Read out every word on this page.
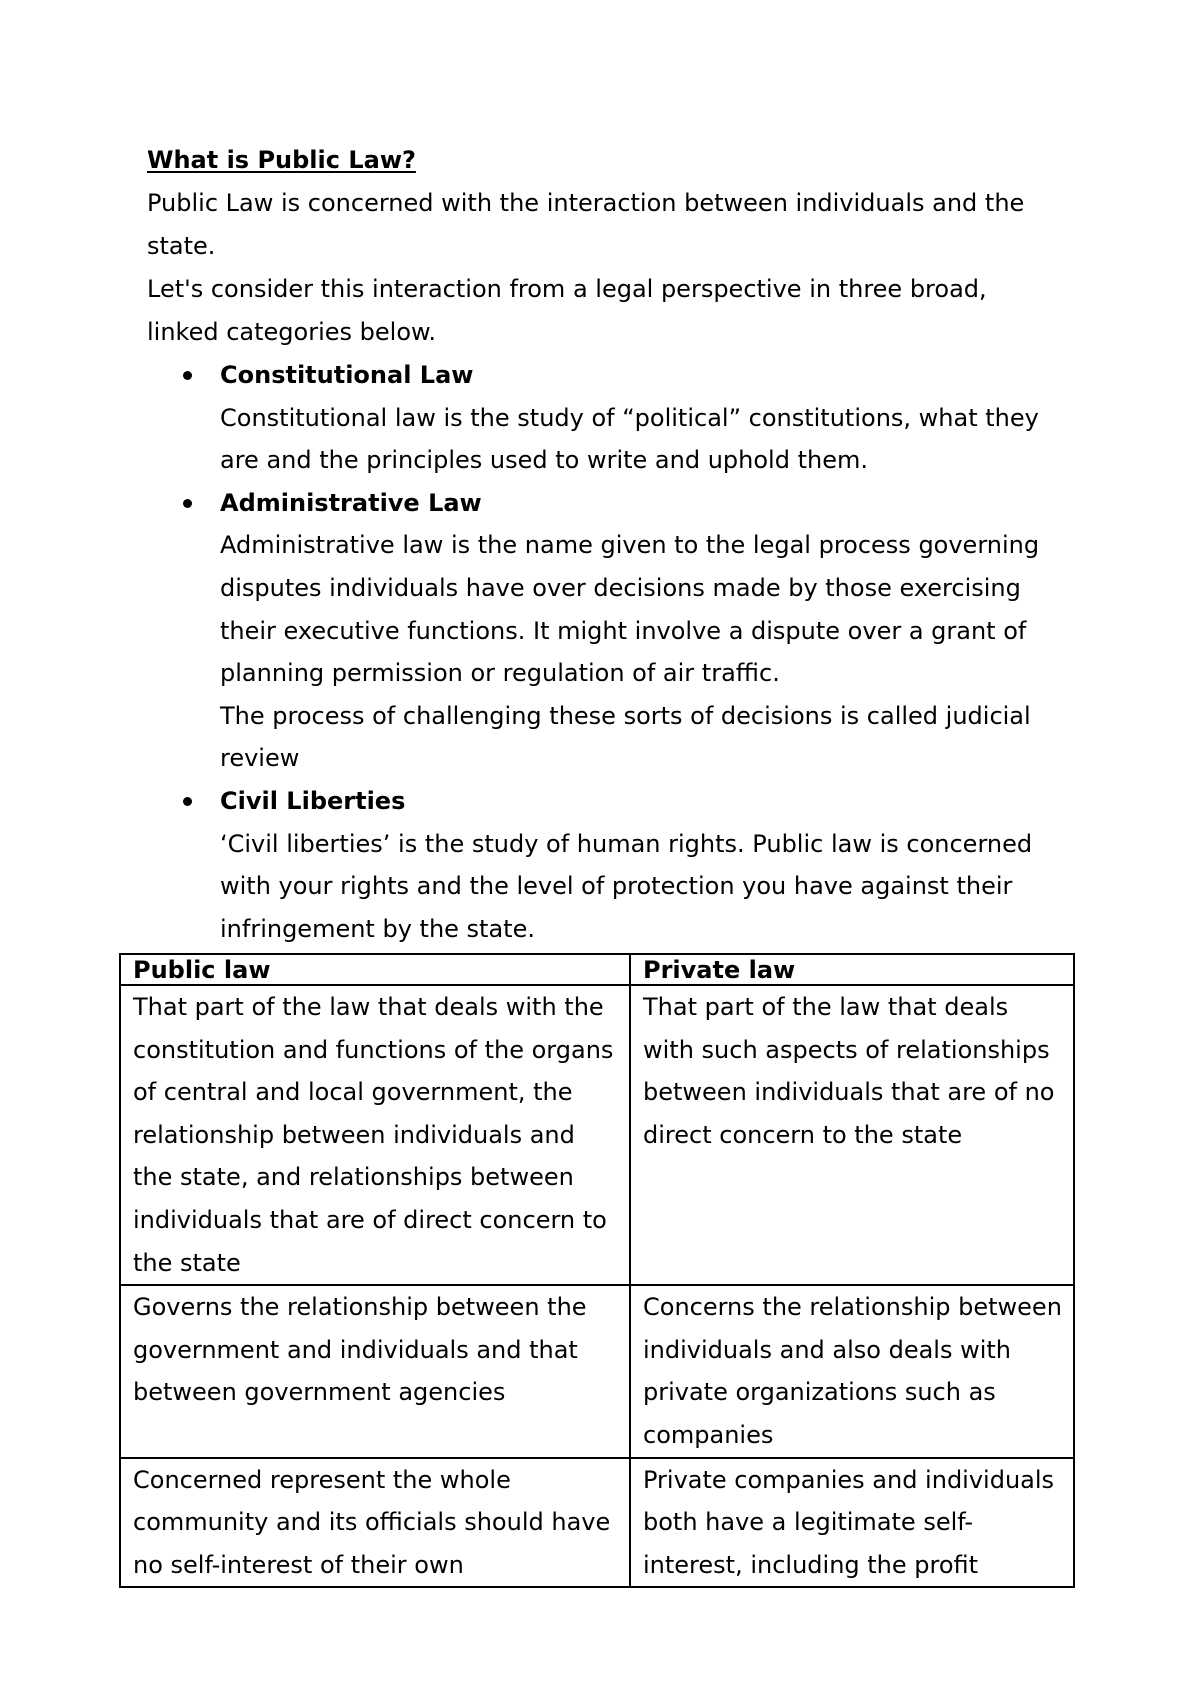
What is Public Law?

Public Law is concerned with the interaction between individuals and the state.

Let's consider this interaction from a legal perspective in three broad, linked categories below.

Constitutional Law
Constitutional law is the study of “political” constitutions, what they are and the principles used to write and uphold them.
Administrative Law
Administrative law is the name given to the legal process governing disputes individuals have over decisions made by those exercising their executive functions. It might involve a dispute over a grant of planning permission or regulation of air traffic.
The process of challenging these sorts of decisions is called judicial review
Civil Liberties
‘Civil liberties’ is the study of human rights. Public law is concerned with your rights and the level of protection you have against their infringement by the state.
Public law	Private law
That part of the law that deals with the constitution and functions of the organs of central and local government, the relationship between individuals and the state, and relationships between individuals that are of direct concern to the state	That part of the law that deals with such aspects of relationships between individuals that are of no direct concern to the state
Governs the relationship between the government and individuals and that between government agencies	Concerns the relationship between individuals and also deals with private organizations such as companies
Concerned represent the whole community and its officials should have no self-interest of their own	Private companies and individuals both have a legitimate self-interest, including the profit
